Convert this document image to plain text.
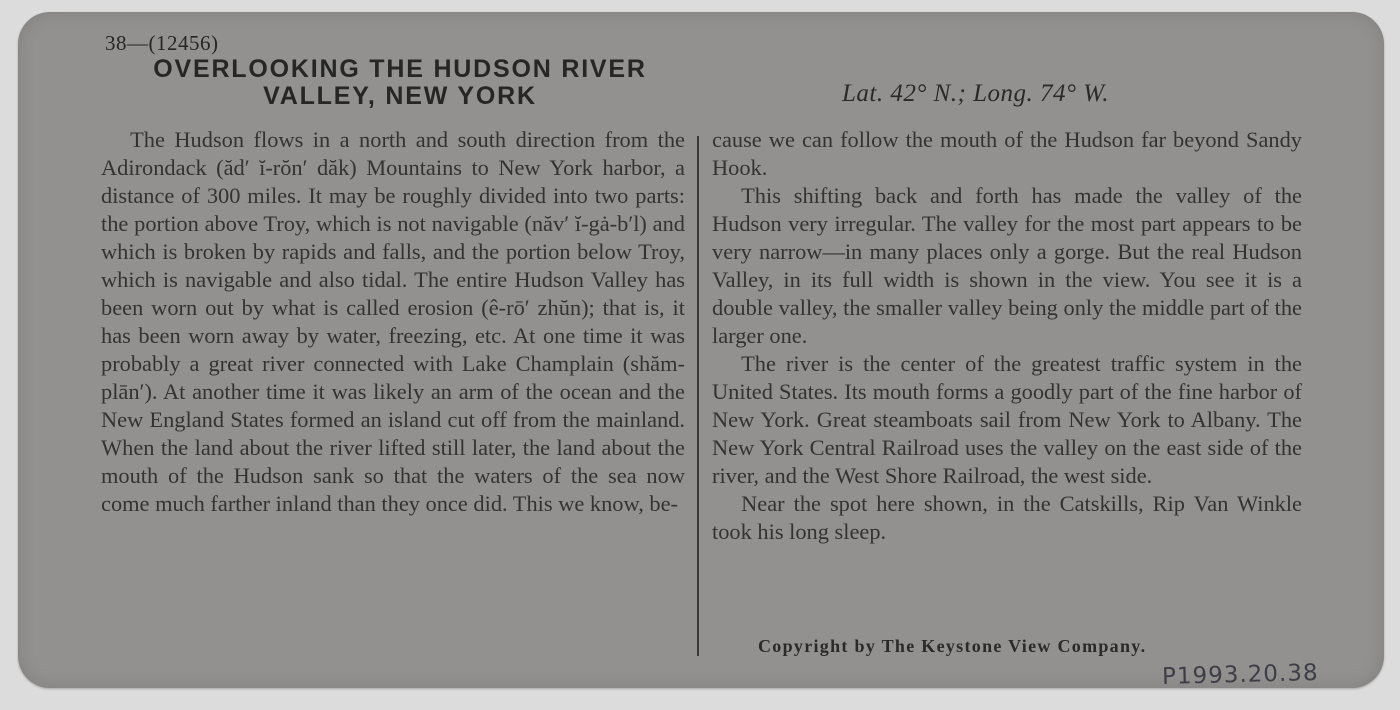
38—(12456)
OVERLOOKING THE HUDSON RIVER
VALLEY, NEW YORK	Lat. 42° N.; Long. 74° W.

The Hudson flows in a north and south direction from the Adirondack (ăd′ ĭ-rŏn′ dăk) Mountains to New York harbor, a distance of 300 miles. It may be roughly divided into two parts: the portion above Troy, which is not navigable (năv′ ĭ-gȧ-b′l) and which is broken by rapids and falls, and the portion below Troy, which is navigable and also tidal. The entire Hudson Valley has been worn out by what is called erosion (ê-rō′ zhŭn); that is, it has been worn away by water, freezing, etc. At one time it was probably a great river connected with Lake Champlain (shăm-plān′). At another time it was likely an arm of the ocean and the New England States formed an island cut off from the mainland. When the land about the river lifted still later, the land about the mouth of the Hudson sank so that the waters of the sea now come much farther inland than they once did. This we know, be-

cause we can follow the mouth of the Hudson far beyond Sandy Hook.

This shifting back and forth has made the valley of the Hudson very irregular. The valley for the most part appears to be very narrow—in many places only a gorge. But the real Hudson Valley, in its full width is shown in the view. You see it is a double valley, the smaller valley being only the middle part of the larger one.

The river is the center of the greatest traffic system in the United States. Its mouth forms a goodly part of the fine harbor of New York. Great steamboats sail from New York to Albany. The New York Central Railroad uses the valley on the east side of the river, and the West Shore Railroad, the west side.

Near the spot here shown, in the Catskills, Rip Van Winkle took his long sleep.

Copyright by The Keystone View Company.
P1993.20.38
